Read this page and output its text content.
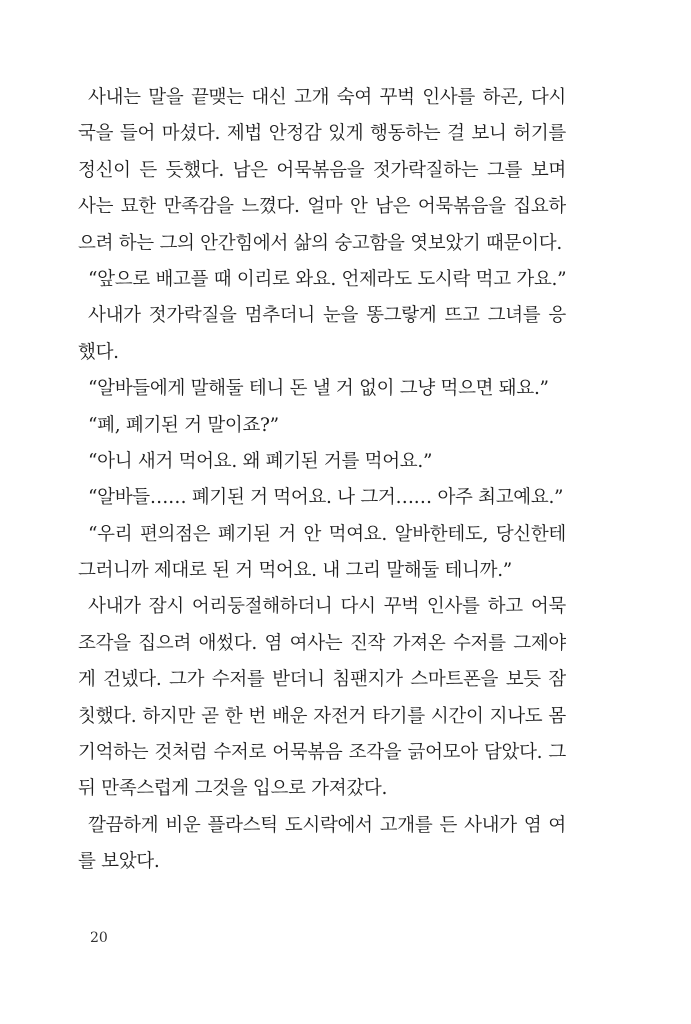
사내는 말을 끝맺는 대신 고개 숙여 꾸벅 인사를 하곤, 다시
국을 들어 마셨다. 제법 안정감 있게 행동하는 걸 보니 허기를
정신이 든 듯했다. 남은 어묵볶음을 젓가락질하는 그를 보며
사는 묘한 만족감을 느꼈다. 얼마 안 남은 어묵볶음을 집요하
으려 하는 그의 안간힘에서 삶의 숭고함을 엿보았기 때문이다.
“앞으로 배고플 때 이리로 와요. 언제라도 도시락 먹고 가요.”
사내가 젓가락질을 멈추더니 눈을 똥그랗게 뜨고 그녀를 응
했다.
“알바들에게 말해둘 테니 돈 낼 거 없이 그냥 먹으면 돼요.”
“폐, 폐기된 거 말이죠?”
“아니 새거 먹어요. 왜 폐기된 거를 먹어요.”
“알바들…… 폐기된 거 먹어요. 나 그거…… 아주 최고예요.”
“우리 편의점은 폐기된 거 안 먹여요. 알바한테도, 당신한테
그러니까 제대로 된 거 먹어요. 내 그리 말해둘 테니까.”
사내가 잠시 어리둥절해하더니 다시 꾸벅 인사를 하고 어묵
조각을 집으려 애썼다. 염 여사는 진작 가져온 수저를 그제야
게 건넸다. 그가 수저를 받더니 침팬지가 스마트폰을 보듯 잠
칫했다. 하지만 곧 한 번 배운 자전거 타기를 시간이 지나도 몸
기억하는 것처럼 수저로 어묵볶음 조각을 긁어모아 담았다. 그
뒤 만족스럽게 그것을 입으로 가져갔다.
깔끔하게 비운 플라스틱 도시락에서 고개를 든 사내가 염 여
를 보았다.
20
